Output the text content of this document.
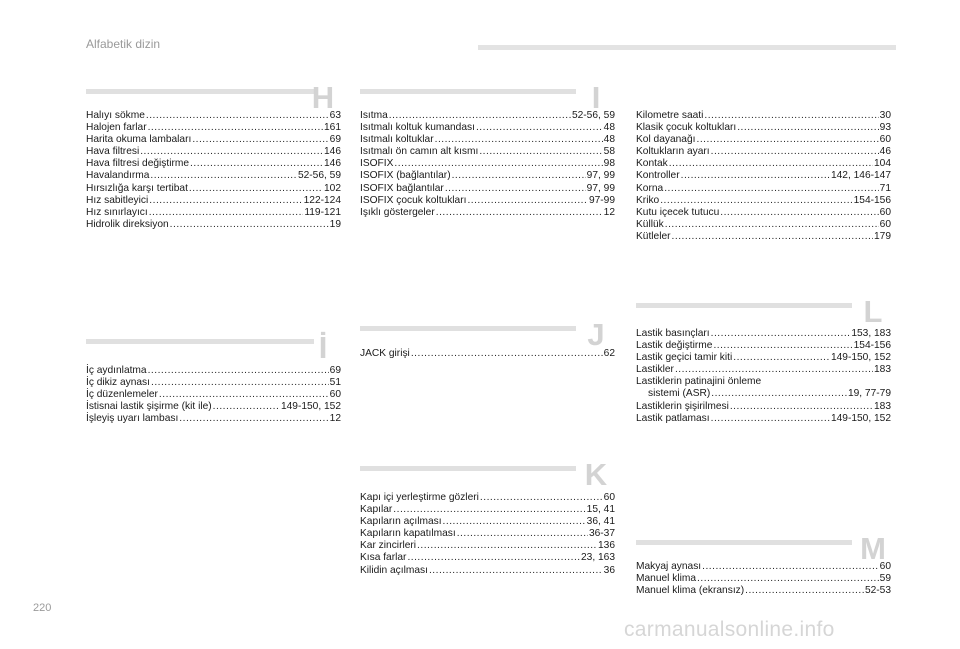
Alfabetik dizin
H
Halıyı sökme .....	63
Halojen farlar .....	161
Harita okuma lambaları .....	69
Hava filtresi .....	146
Hava filtresi değiştirme .....	146
Havalandırma .....	52-56, 59
Hırsızlığa karşı tertibat .....	102
Hız sabitleyici .....	122-124
Hız sınırlayıcı .....	119-121
Hidrolik direksiyon .....	19
I
Isıtma .....	52-56, 59
Isıtmalı koltuk kumandası .....	48
Isıtmalı koltuklar .....	48
Isıtmalı ön camın alt kısmı .....	58
ISOFIX .....	98
ISOFIX (bağlantılar) .....	97, 99
ISOFIX bağlantılar .....	97, 99
ISOFIX çocuk koltukları .....	97-99
Işıklı göstergeler .....	12
Kilometre saati .....	30
Klasik çocuk koltukları .....	93
Kol dayanağı .....	60
Koltukların ayarı .....	46
Kontak .....	104
Kontroller .....	142, 146-147
Korna .....	71
Kriko .....	154-156
Kutu içecek tutucu .....	60
Küllük .....	60
Kütleler .....	179
İ
İç aydınlatma .....	69
İç dikiz aynası .....	51
İç düzenlemeler .....	60
İstisnai lastik şişirme (kit ile) .....	149-150, 152
İşleyiş uyarı lambası .....	12
J
JACK girişi .....	62
L
Lastik basınçları .....	153, 183
Lastik değiştirme .....	154-156
Lastik geçici tamir kiti .....	149-150, 152
Lastikler .....	183
Lastiklerin patinajini önleme
sistemi (ASR) .....	19, 77-79
Lastiklerin şişirilmesi .....	183
Lastik patlaması .....	149-150, 152
K
Kapı içi yerleştirme gözleri .....	60
Kapılar .....	15, 41
Kapıların açılması .....	36, 41
Kapıların kapatılması .....	36-37
Kar zincirleri .....	136
Kısa farlar .....	23, 163
Kilidin açılması .....	36
M
Makyaj aynası .....	60
Manuel klima .....	59
Manuel klima (ekransız) .....	52-53
220
carmanualsonline.info
